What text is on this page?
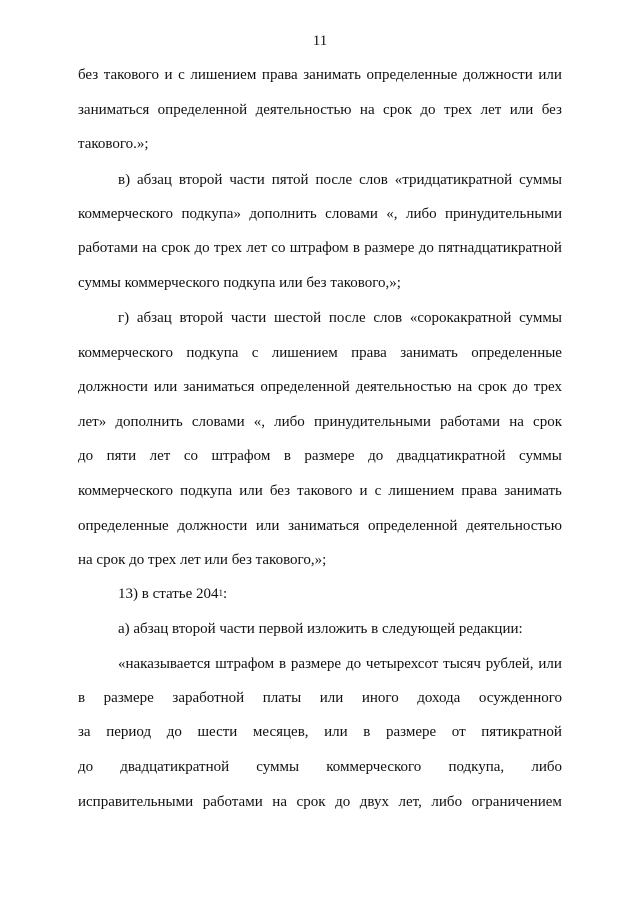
11
без такового и с лишением права занимать определенные должности или
заниматься определенной деятельностью на срок до трех лет или без
такового.»;
в) абзац второй части пятой после слов «тридцатикратной суммы
коммерческого подкупа» дополнить словами «, либо принудительными
работами на срок до трех лет со штрафом в размере до пятнадцатикратной
суммы коммерческого подкупа или без такового,»;
г) абзац второй части шестой после слов «сорокакратной суммы
коммерческого подкупа с лишением права занимать определенные
должности или заниматься определенной деятельностью на срок до трех
лет» дополнить словами «, либо принудительными работами на срок
до пяти лет со штрафом в размере до двадцатикратной суммы
коммерческого подкупа или без такового и с лишением права занимать
определенные должности или заниматься определенной деятельностью
на срок до трех лет или без такового,»;
13) в статье $204^1$:
а) абзац второй части первой изложить в следующей редакции:
«наказывается штрафом в размере до четырехсот тысяч рублей, или
в размере заработной платы или иного дохода осужденного
за период до шести месяцев, или в размере от пятикратной
до двадцатикратной суммы коммерческого подкупа, либо
исправительными работами на срок до двух лет, либо ограничением
